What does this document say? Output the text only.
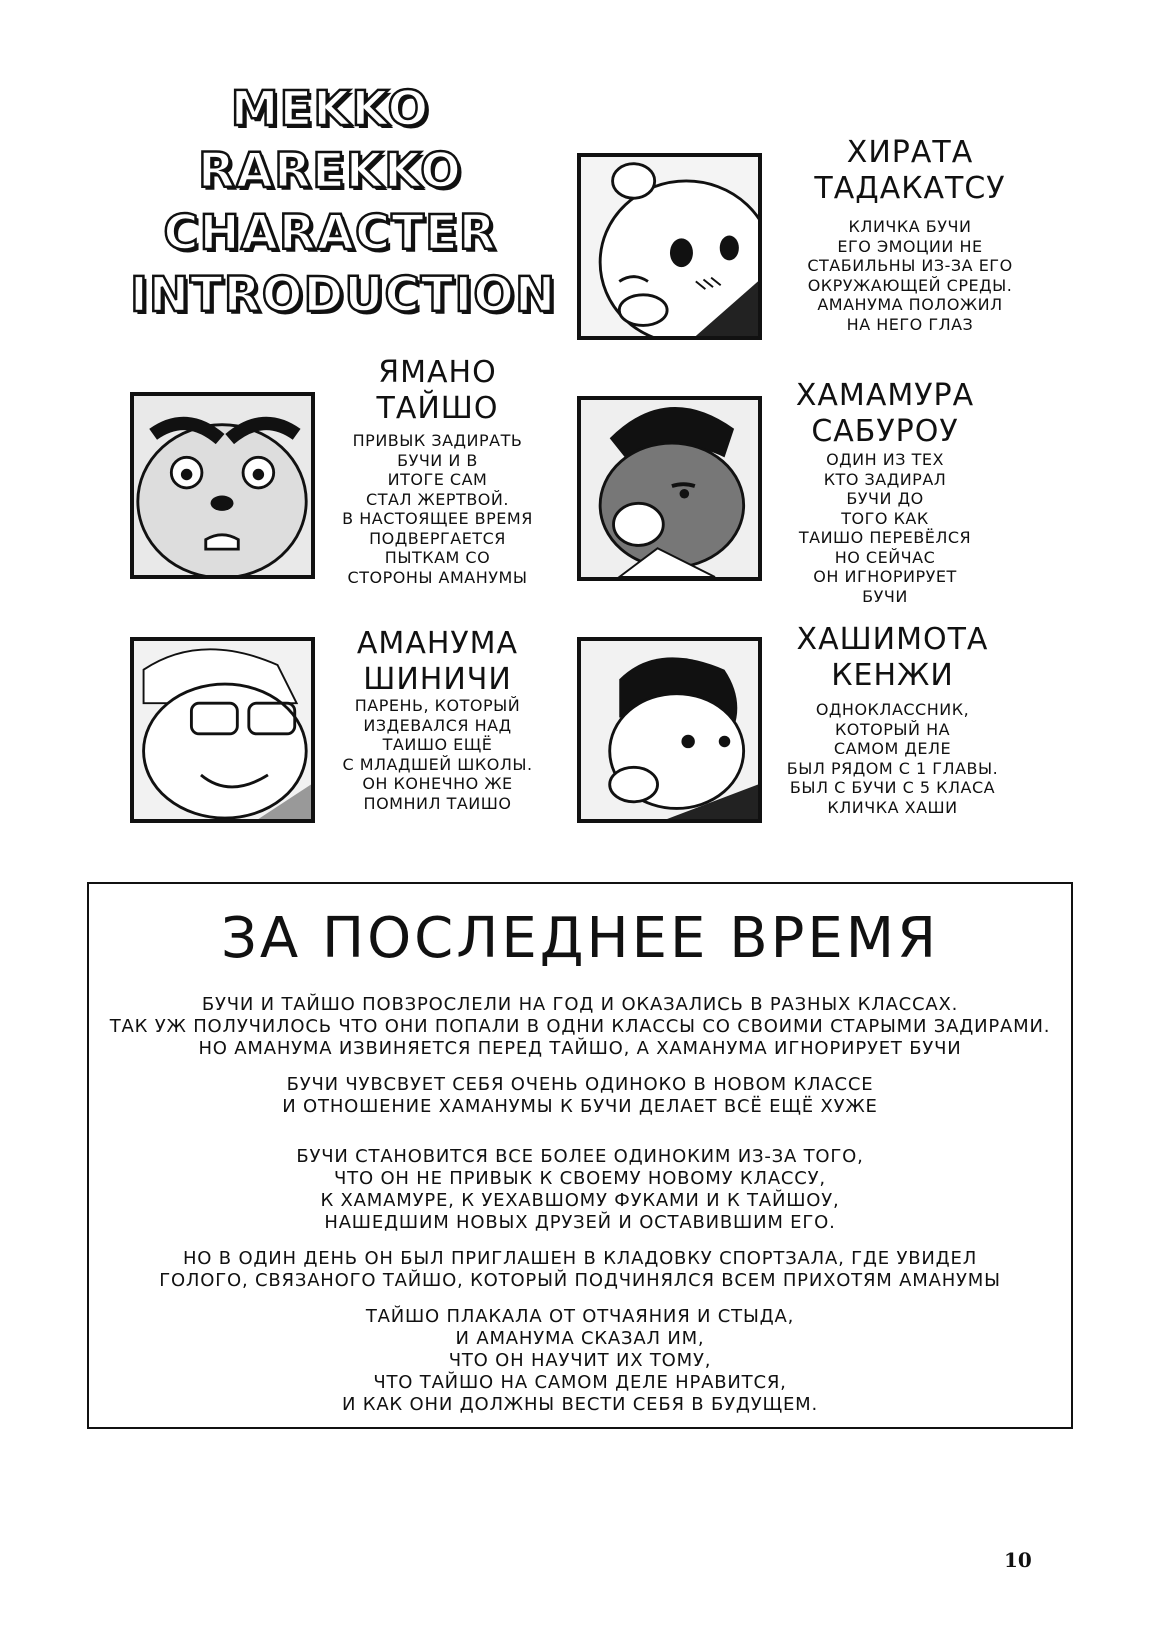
MEKKO RAREKKO
CHARACTER
INTRODUCTION
ХИРАТА
ТАДАКАТСУ
КЛИЧКА БУЧИ
ЕГО ЭМОЦИИ НЕ
СТАБИЛЬНЫ ИЗ-ЗА ЕГО
ОКРУЖАЮЩЕЙ СРЕДЫ.
АМАНУМА ПОЛОЖИЛ
НА НЕГО ГЛАЗ
ЯМАНО
ТАЙШО
ПРИВЫК ЗАДИРАТЬ
БУЧИ И В
ИТОГЕ САМ
СТАЛ ЖЕРТВОЙ.
В НАСТОЯЩЕЕ ВРЕМЯ
ПОДВЕРГАЕТСЯ
ПЫТКАМ СО
СТОРОНЫ АМАНУМЫ
ХАМАМУРА
САБУРОУ
ОДИН ИЗ ТЕХ
КТО ЗАДИРАЛ
БУЧИ ДО
ТОГО КАК
ТАИШО ПЕРЕВЁЛСЯ
НО СЕЙЧАС
ОН ИГНОРИРУЕТ
БУЧИ
АМАНУМА
ШИНИЧИ
ПАРЕНЬ, КОТОРЫЙ
ИЗДЕВАЛСЯ НАД
ТАИШО ЕЩЁ
С МЛАДШЕЙ ШКОЛЫ.
ОН КОНЕЧНО ЖЕ
ПОМНИЛ ТАИШО
ХАШИМОТА
КЕНЖИ
ОДНОКЛАССНИК,
КОТОРЫЙ НА
САМОМ ДЕЛЕ
БЫЛ РЯДОМ С 1 ГЛАВЫ.
БЫЛ С БУЧИ С 5 КЛАСА
КЛИЧКА ХАШИ
ЗА ПОСЛЕДНЕЕ ВРЕМЯ

БУЧИ И ТАЙШО ПОВЗРОСЛЕЛИ НА ГОД И ОКАЗАЛИСЬ В РАЗНЫХ КЛАССАХ.
ТАК УЖ ПОЛУЧИЛОСЬ ЧТО ОНИ ПОПАЛИ В ОДНИ КЛАССЫ СО СВОИМИ СТАРЫМИ ЗАДИРАМИ.
НО АМАНУМА ИЗВИНЯЕТСЯ ПЕРЕД ТАЙШО, А ХАМАНУМА ИГНОРИРУЕТ БУЧИ

БУЧИ ЧУВСВУЕТ СЕБЯ ОЧЕНЬ ОДИНОКО В НОВОМ КЛАССЕ
И ОТНОШЕНИЕ ХАМАНУМЫ К БУЧИ ДЕЛАЕТ ВСЁ ЕЩЁ ХУЖЕ

БУЧИ СТАНОВИТСЯ ВСЕ БОЛЕЕ ОДИНОКИМ ИЗ-ЗА ТОГО,
ЧТО ОН НЕ ПРИВЫК К СВОЕМУ НОВОМУ КЛАССУ,
К ХАМАМУРЕ, К УЕХАВШОМУ ФУКАМИ И К ТАЙШОУ,
НАШЕДШИМ НОВЫХ ДРУЗЕЙ И ОСТАВИВШИМ ЕГО.

НО В ОДИН ДЕНЬ ОН БЫЛ ПРИГЛАШЕН В КЛАДОВКУ СПОРТЗАЛА, ГДЕ УВИДЕЛ
ГОЛОГО, СВЯЗАНОГО ТАЙШО, КОТОРЫЙ ПОДЧИНЯЛСЯ ВСЕМ ПРИХОТЯМ АМАНУМЫ

ТАЙШО ПЛАКАЛА ОТ ОТЧАЯНИЯ И СТЫДА,
И АМАНУМА СКАЗАЛ ИМ,
ЧТО ОН НАУЧИТ ИХ ТОМУ,
ЧТО ТАЙШО НА САМОМ ДЕЛЕ НРАВИТСЯ,
И КАК ОНИ ДОЛЖНЫ ВЕСТИ СЕБЯ В БУДУЩЕМ.

10
